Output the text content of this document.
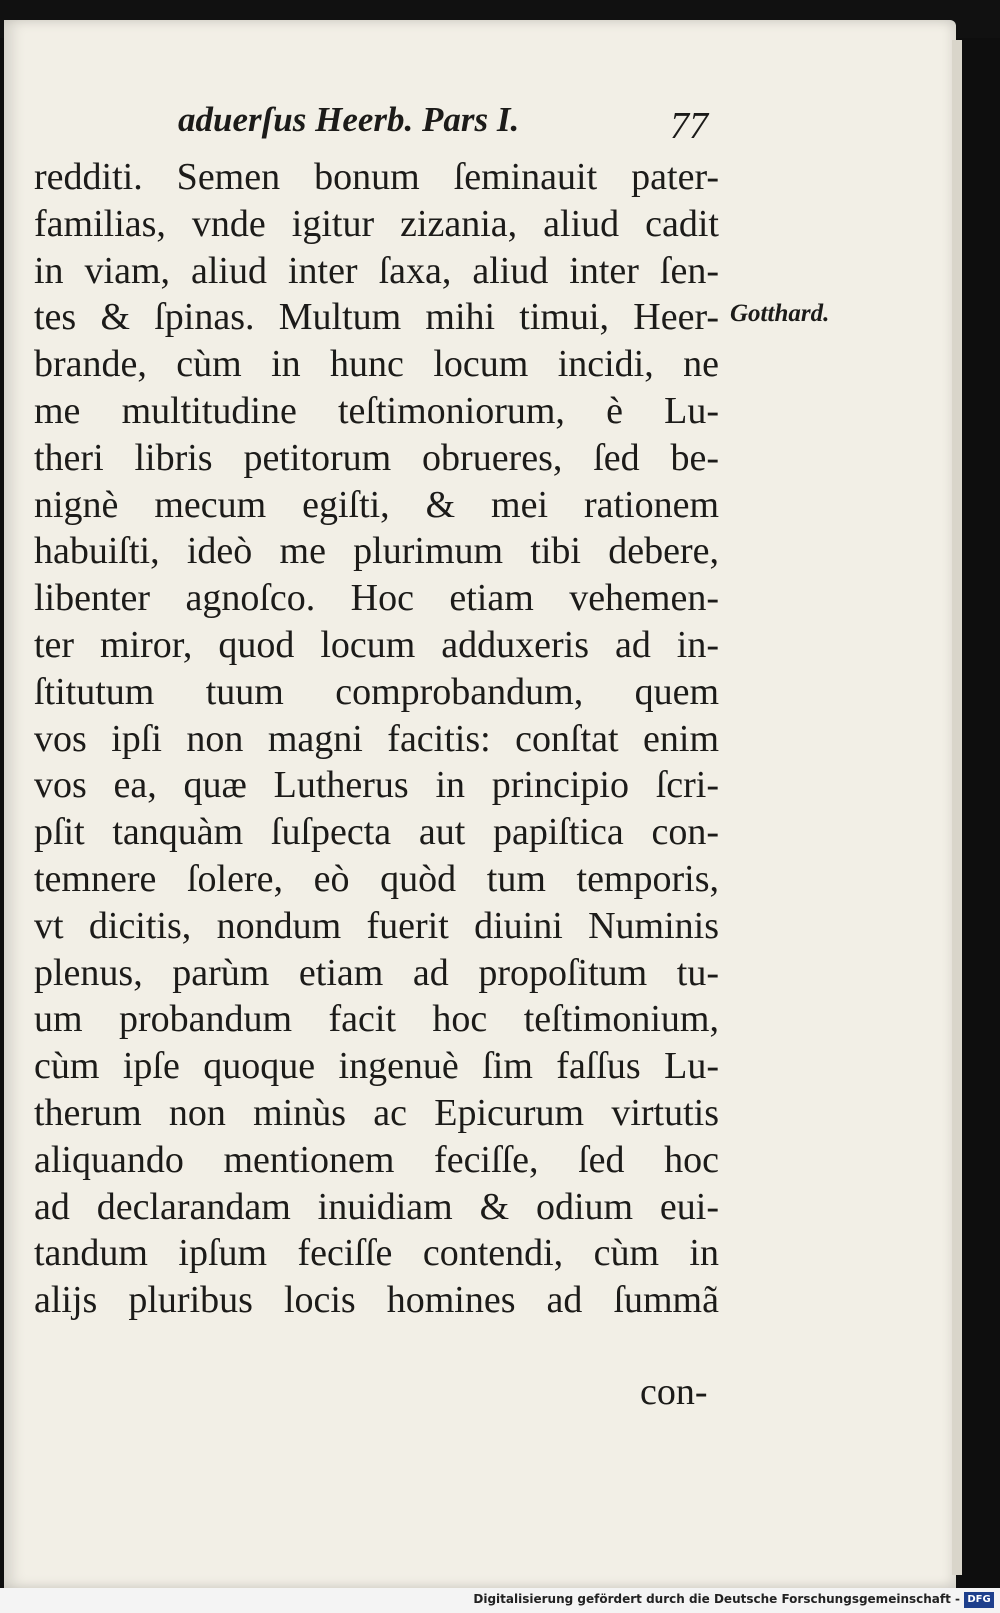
aduerſus Heerb. Pars I.	77
Gotthard.
redditi. Semen bonum ſeminauit pater-
familias, vnde igitur zizania, aliud cadit
in viam, aliud inter ſaxa, aliud inter ſen-
tes & ſpinas. Multum mihi timui, Heer-
brande, cùm in hunc locum incidi, ne
me multitudine teſtimoniorum, è Lu-
theri libris petitorum obrueres, ſed be-
nignè mecum egiſti, & mei rationem
habuiſti, ideò me plurimum tibi debere,
libenter agnoſco. Hoc etiam vehemen-
ter miror, quod locum adduxeris ad in-
ſtitutum tuum comprobandum, quem
vos ipſi non magni facitis: conſtat enim
vos ea, quæ Lutherus in principio ſcri-
pſit tanquàm ſuſpecta aut papiſtica con-
temnere ſolere, eò quòd tum temporis,
vt dicitis, nondum fuerit diuini Numinis
plenus, parùm etiam ad propoſitum tu-
um probandum facit hoc teſtimonium,
cùm ipſe quoque ingenuè ſim faſſus Lu-
therum non minùs ac Epicurum virtutis
aliquando mentionem feciſſe, ſed hoc
ad declarandam inuidiam & odium eui-
tandum ipſum feciſſe contendi, cùm in
alijs pluribus locis homines ad ſummã
con-
Digitalisierung gefördert durch die Deutsche Forschungsgemeinschaft - DFG
